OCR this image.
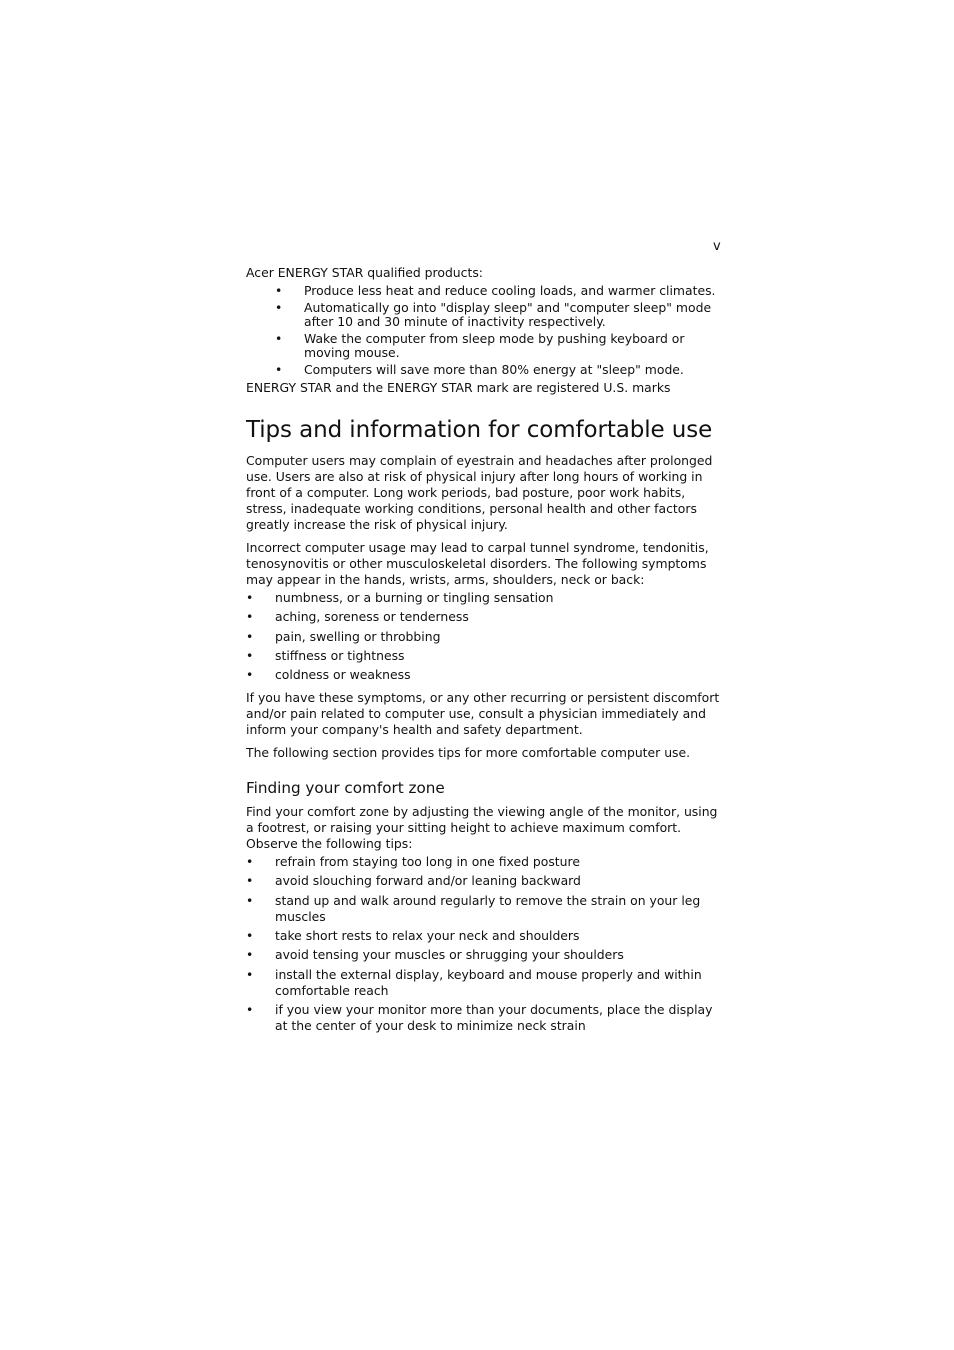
v

Acer ENERGY STAR qualified products:

• Produce less heat and reduce cooling loads, and warmer climates.
• Automatically go into "display sleep" and "computer sleep" mode after 10 and 30 minute of inactivity respectively.
• Wake the computer from sleep mode by pushing keyboard or moving mouse.
• Computers will save more than 80% energy at "sleep" mode.

ENERGY STAR and the ENERGY STAR mark are registered U.S. marks

Tips and information for comfortable use

Computer users may complain of eyestrain and headaches after prolonged use. Users are also at risk of physical injury after long hours of working in front of a computer. Long work periods, bad posture, poor work habits, stress, inadequate working conditions, personal health and other factors greatly increase the risk of physical injury.

Incorrect computer usage may lead to carpal tunnel syndrome, tendonitis, tenosynovitis or other musculoskeletal disorders. The following symptoms may appear in the hands, wrists, arms, shoulders, neck or back:

• numbness, or a burning or tingling sensation
• aching, soreness or tenderness
• pain, swelling or throbbing
• stiffness or tightness
• coldness or weakness

If you have these symptoms, or any other recurring or persistent discomfort and/or pain related to computer use, consult a physician immediately and inform your company's health and safety department.

The following section provides tips for more comfortable computer use.

Finding your comfort zone

Find your comfort zone by adjusting the viewing angle of the monitor, using a footrest, or raising your sitting height to achieve maximum comfort. Observe the following tips:

• refrain from staying too long in one fixed posture
• avoid slouching forward and/or leaning backward
• stand up and walk around regularly to remove the strain on your leg muscles
• take short rests to relax your neck and shoulders
• avoid tensing your muscles or shrugging your shoulders
• install the external display, keyboard and mouse properly and within comfortable reach
• if you view your monitor more than your documents, place the display at the center of your desk to minimize neck strain
